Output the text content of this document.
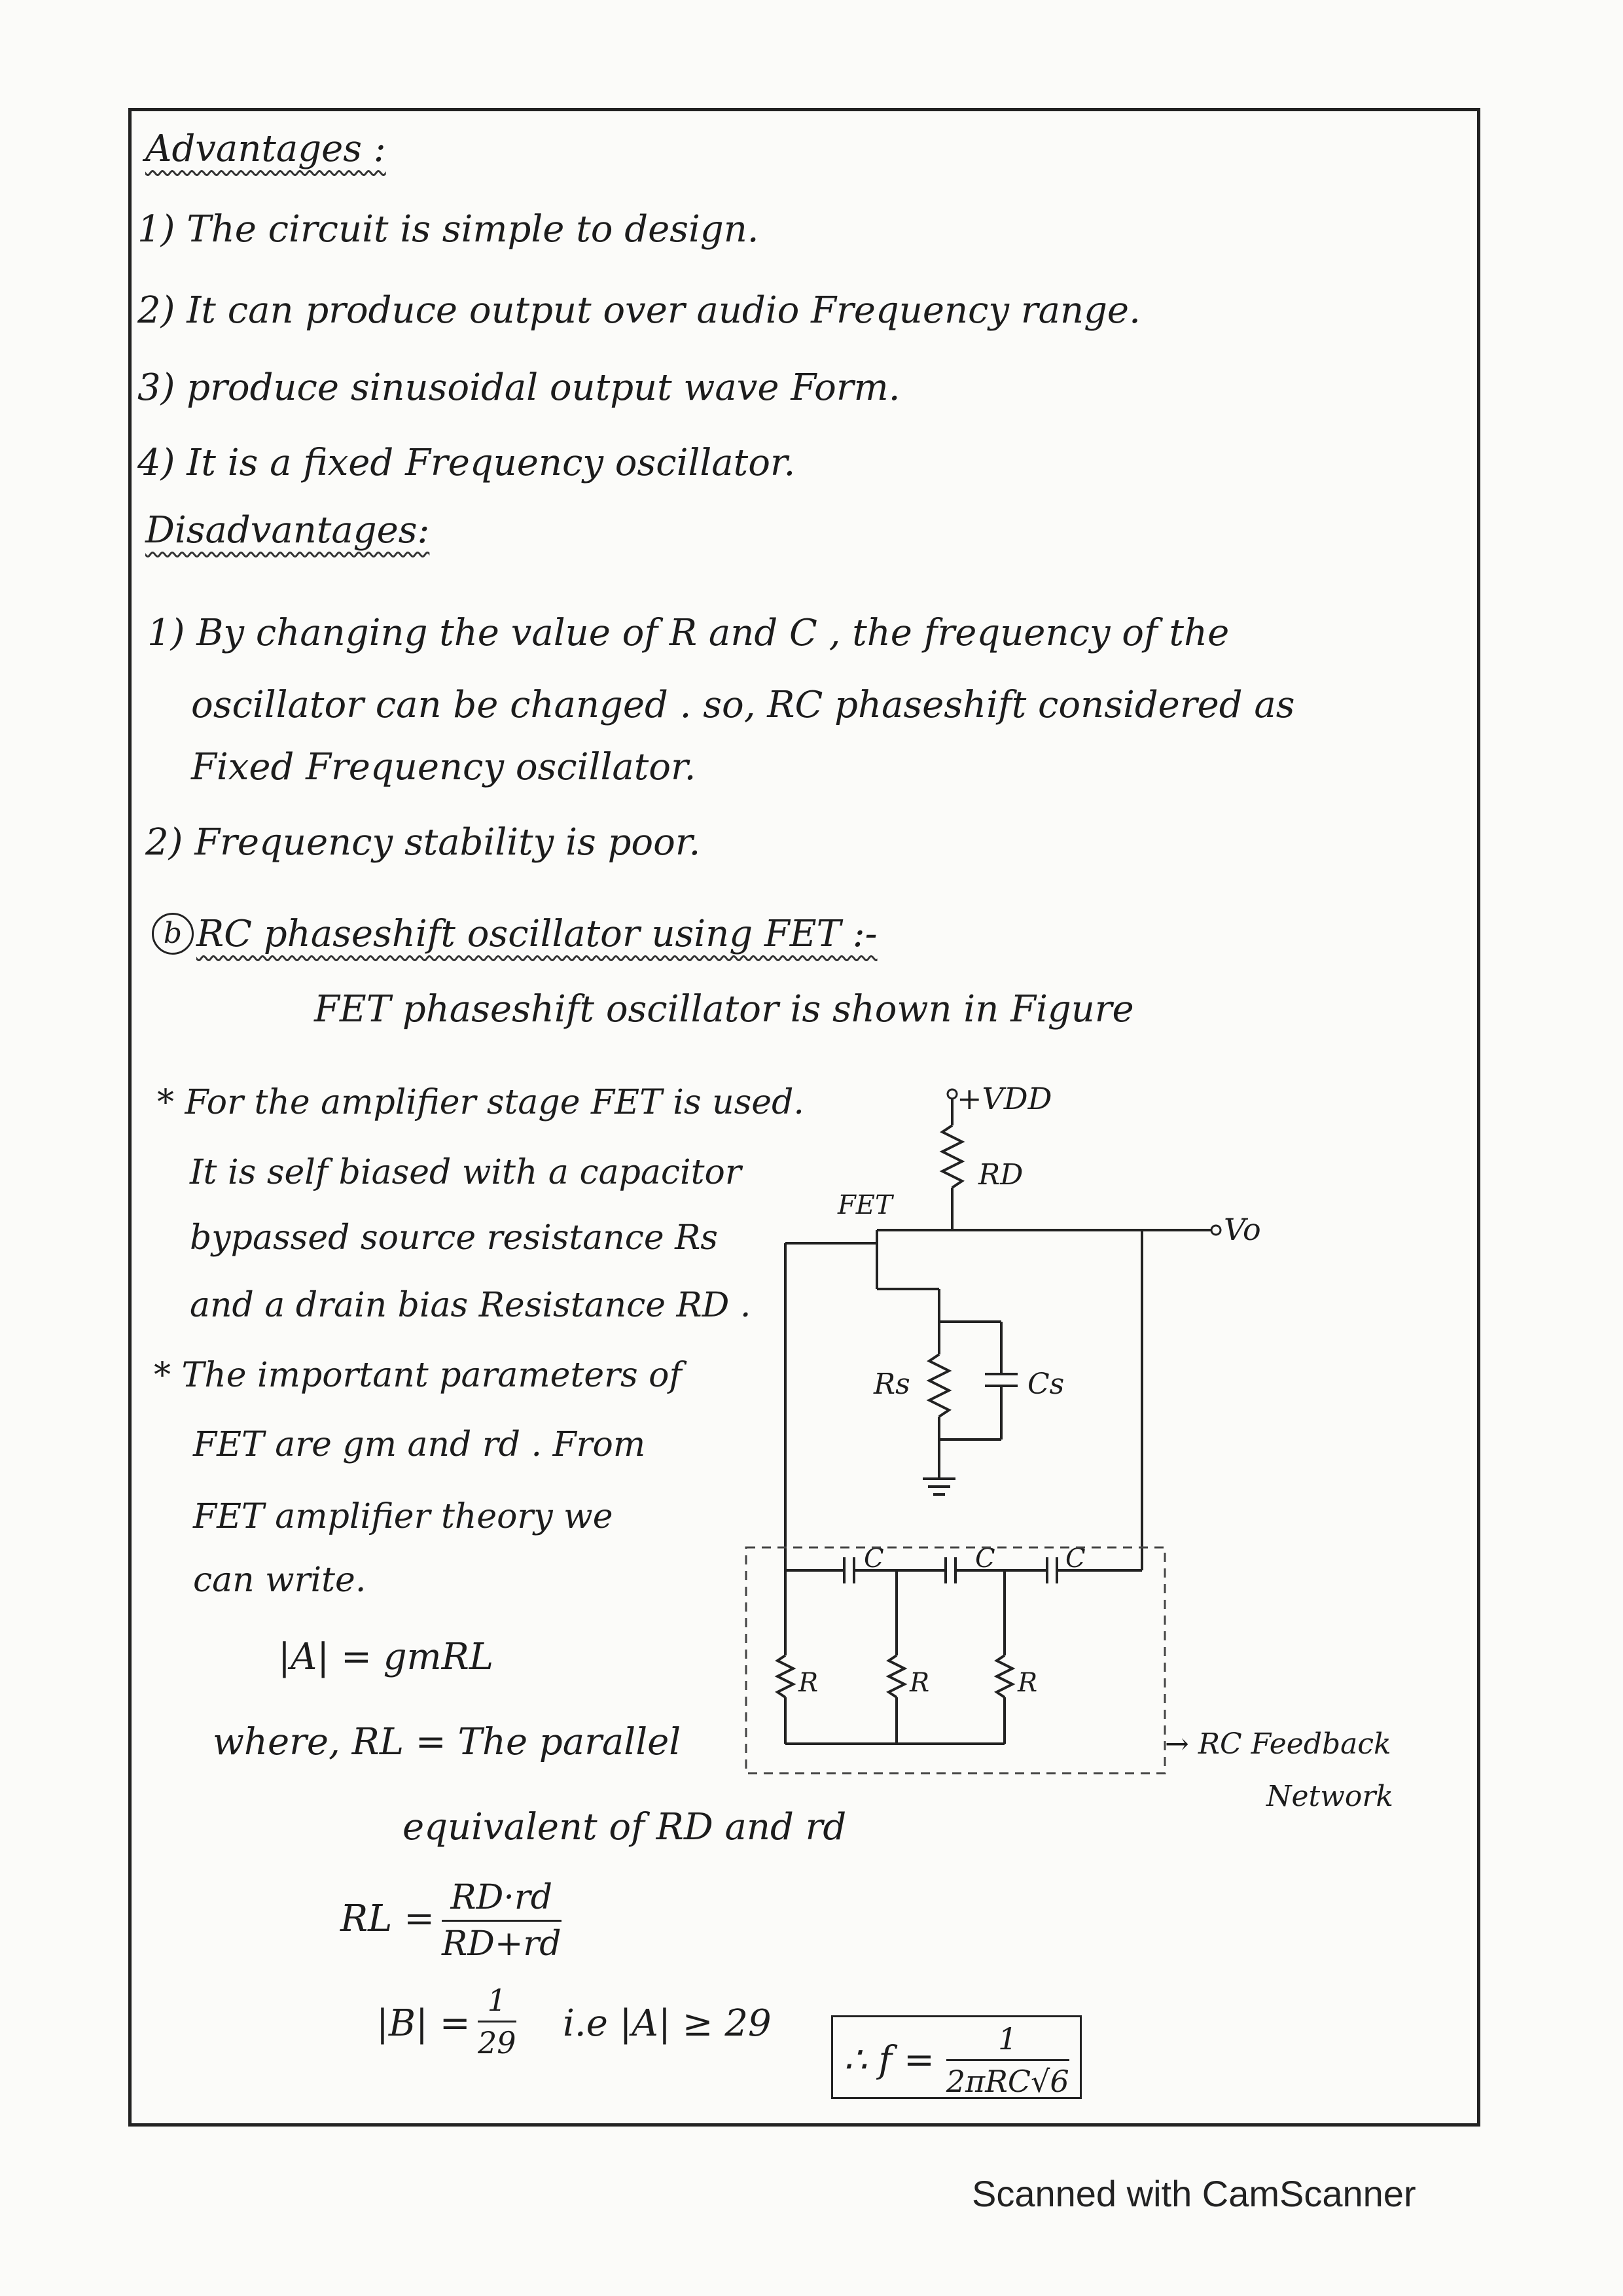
Advantages :
1) The circuit is simple to design.
2) It can produce output over audio Frequency range.
3) produce sinusoidal output wave Form.
4) It is a fixed Frequency oscillator.
Disadvantages:
1) By changing the value of R and C , the frequency of the
oscillator can be changed . so, RC phaseshift considered as
Fixed Frequency oscillator.
2) Frequency stability is poor.
b RC phaseshift oscillator using FET :-
FET phaseshift oscillator is shown in Figure
* For the amplifier stage FET is used.
It is self biased with a capacitor
bypassed source resistance Rs
and a drain bias Resistance RD .
* The important parameters of
FET are gm and rd . From
FET amplifier theory we
can write.
|A| = gmRL
where, RL = The parallel
equivalent of RD and rd
RL = $\frac{RD\cdot rd}{RD+rd}$
$|B| = \frac{1}{29} i.e$ |A| ≥ 29
∴ $f = \frac{1}{\text{2πRC√6}}$
+VDD
RD
Vo
FET
Rs	Cs
C	C	C
R	R	R
→ RC Feedback
Network
Scanned with CamScanner
